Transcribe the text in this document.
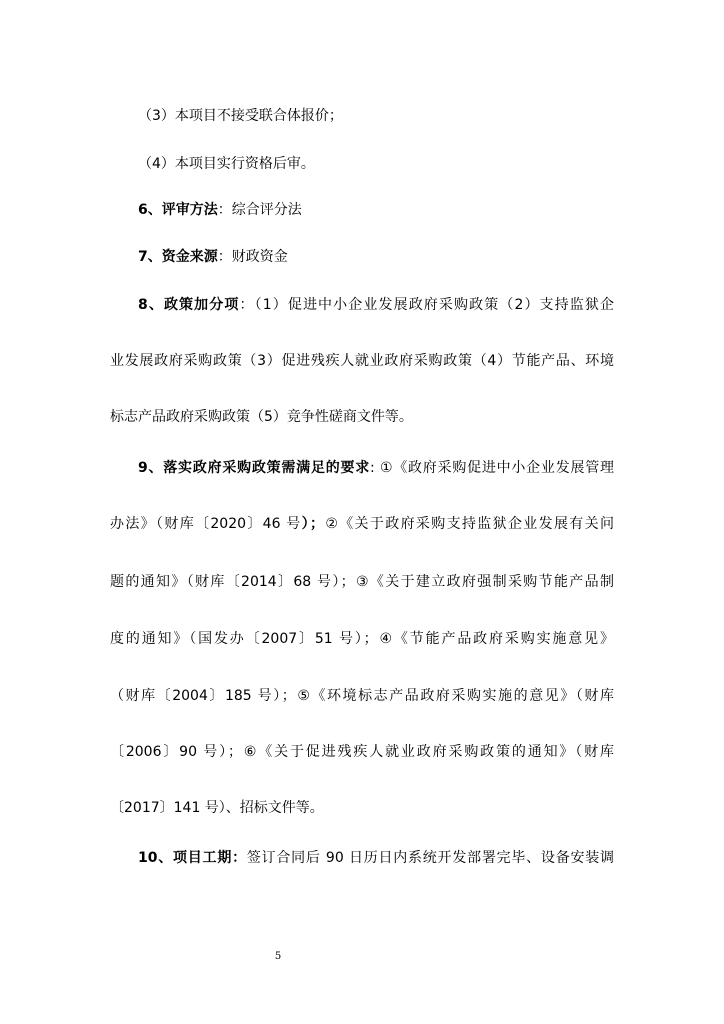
（3）本项目不接受联合体报价；
（4）本项目实行资格后审。
6、评审方法：综合评分法
7、资金来源：财政资金
8、政策加分项：（1）促进中小企业发展政府采购政策（2）支持监狱企
业发展政府采购政策（3）促进残疾人就业政府采购政策（4）节能产品、环境
标志产品政府采购政策（5）竞争性磋商文件等。
9、落实政府采购政策需满足的要求: ①《政府采购促进中小企业发展管理
办法》（财库〔2020〕46 号）；②《关于政府采购支持监狱企业发展有关问
题的通知》（财库〔2014〕68 号）；③《关于建立政府强制采购节能产品制
度的通知》（国发办〔2007〕51 号）；④《节能产品政府采购实施意见》
（财库〔2004〕185 号）；⑤《环境标志产品政府采购实施的意见》（财库
〔2006〕90 号）；⑥《关于促进残疾人就业政府采购政策的通知》（财库
〔2017〕141 号）、招标文件等。
10、项目工期：签订合同后 90 日历日内系统开发部署完毕、设备安装调
5
